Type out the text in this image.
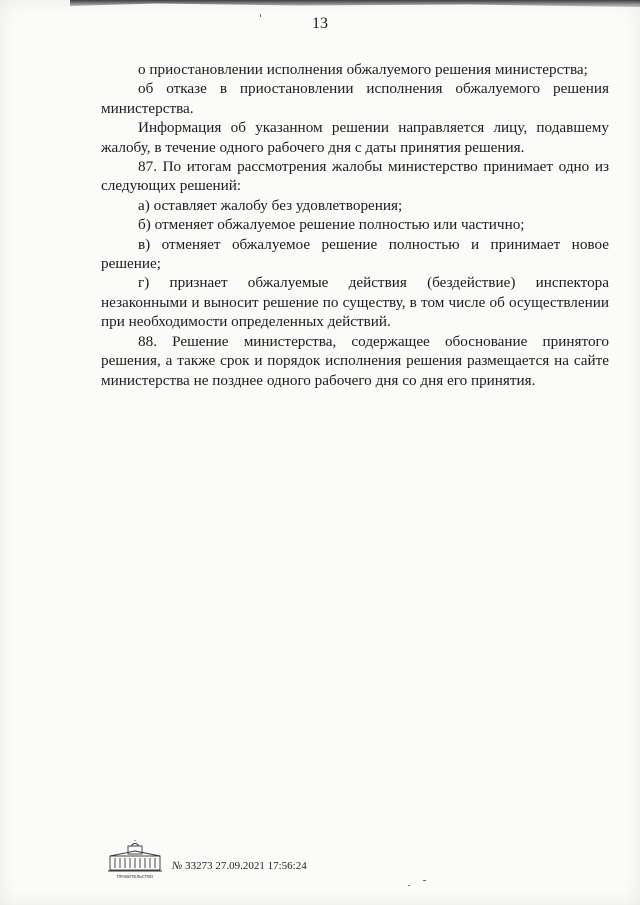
13

о приостановлении исполнения обжалуемого решения министерства;

об отказе в приостановлении исполнения обжалуемого решения министерства.

Информация об указанном решении направляется лицу, подавшему жалобу, в течение одного рабочего дня с даты принятия решения.

87. По итогам рассмотрения жалобы министерство принимает одно из следующих решений:

а) оставляет жалобу без удовлетворения;

б) отменяет обжалуемое решение полностью или частично;

в) отменяет обжалуемое решение полностью и принимает новое решение;

г) признает обжалуемые действия (бездействие) инспектора незаконными и выносит решение по существу, в том числе об осуществлении при необходимости определенных действий.

88. Решение министерства, содержащее обоснование принятого решения, а также срок и порядок исполнения решения размещается на сайте министерства не позднее одного рабочего дня со дня его принятия.

ПРАВИТЕЛЬСТВО
№ 33273 27.09.2021 17:56:24
